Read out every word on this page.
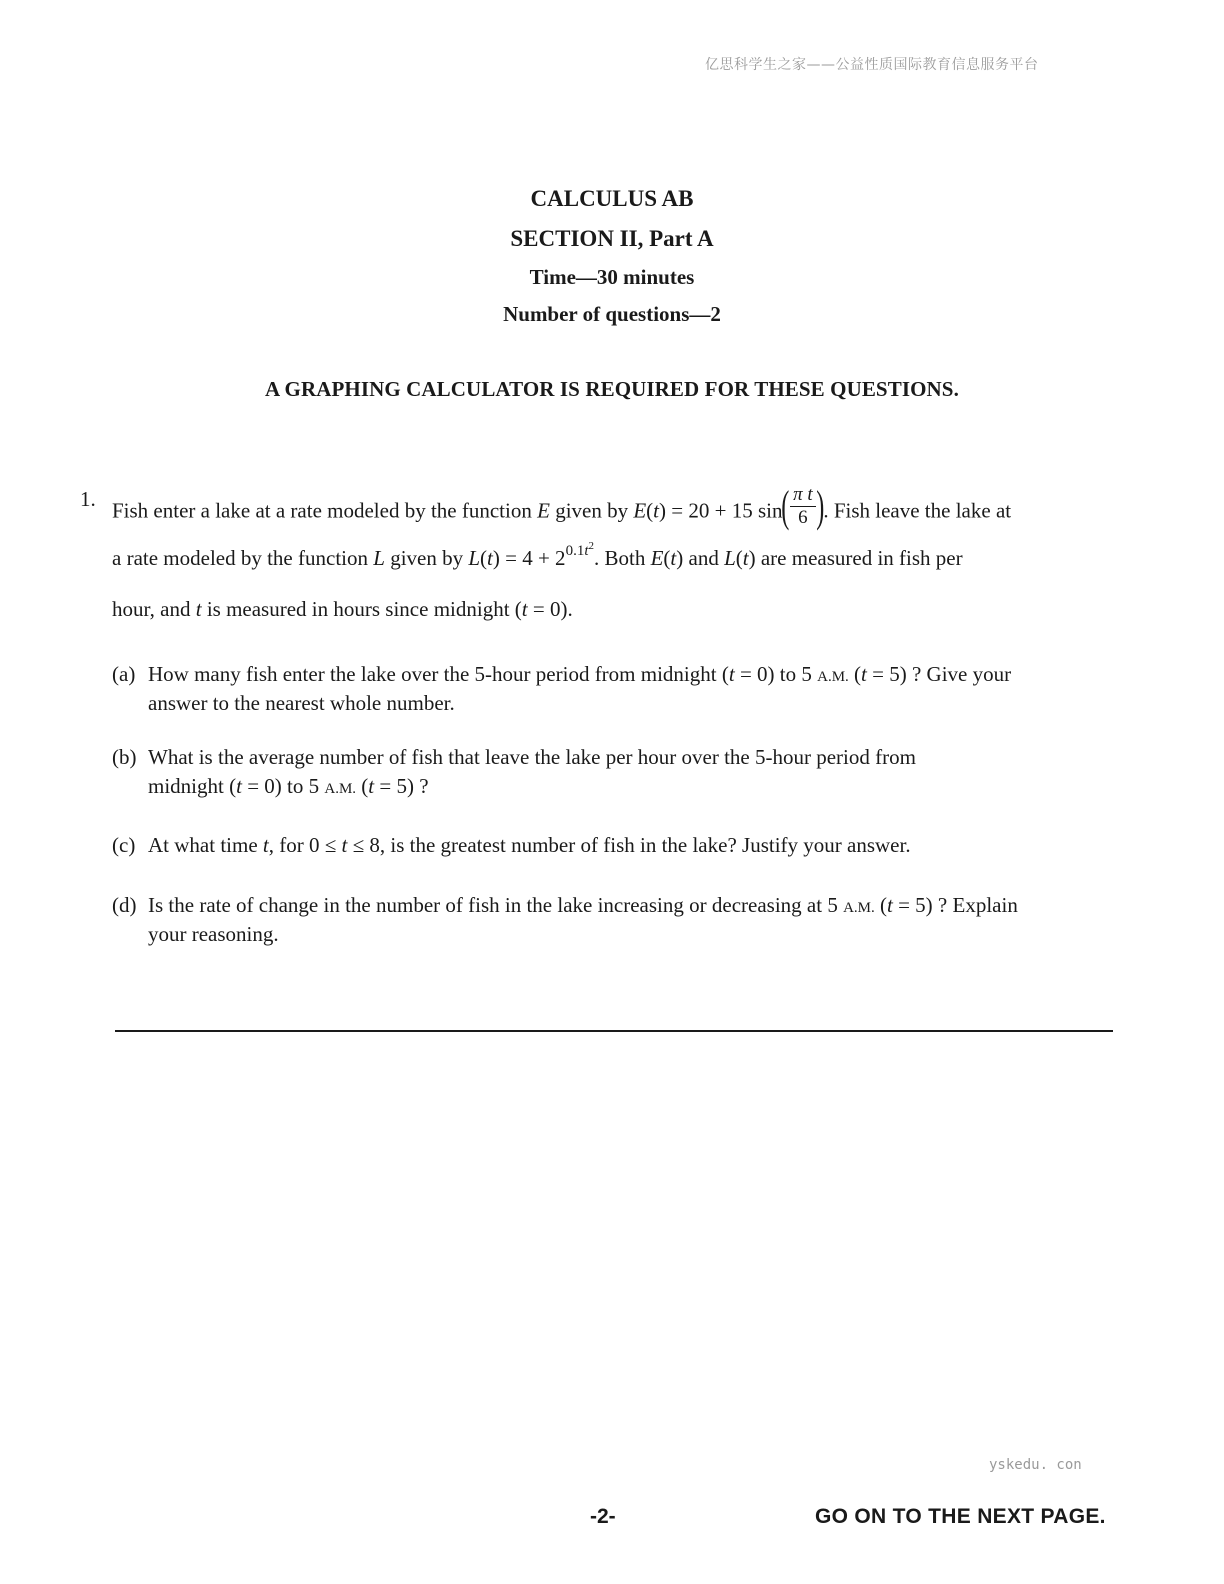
亿思科学生之家——公益性质国际教育信息服务平台
CALCULUS AB
SECTION II, Part A
Time—30 minutes
Number of questions—2
A GRAPHING CALCULATOR IS REQUIRED FOR THESE QUESTIONS.
1. Fish enter a lake at a rate modeled by the function E given by E(t) = 20 + 15 $\sin( \frac{\text{π t}}{6}$ ). Fish leave the lake at
a rate modeled by the function L given by $L(t) = 4 + 2^{0.1t^2}$. Both E(t) and L(t) are measured in fish per
hour, and t is measured in hours since midnight (t = 0).
(a) How many fish enter the lake over the 5-hour period from midnight (t = 0) to 5 A.M. (t = 5) ? Give your
answer to the nearest whole number.
(b) What is the average number of fish that leave the lake per hour over the 5-hour period from
midnight (t = 0) to 5 A.M. (t = 5) ?
(c) At what time t, for 0 ≤ t ≤ 8, is the greatest number of fish in the lake? Justify your answer.
(d) Is the rate of change in the number of fish in the lake increasing or decreasing at 5 A.M. (t = 5) ? Explain
your reasoning.
yskedu. con
-2-	GO ON TO THE NEXT PAGE.
